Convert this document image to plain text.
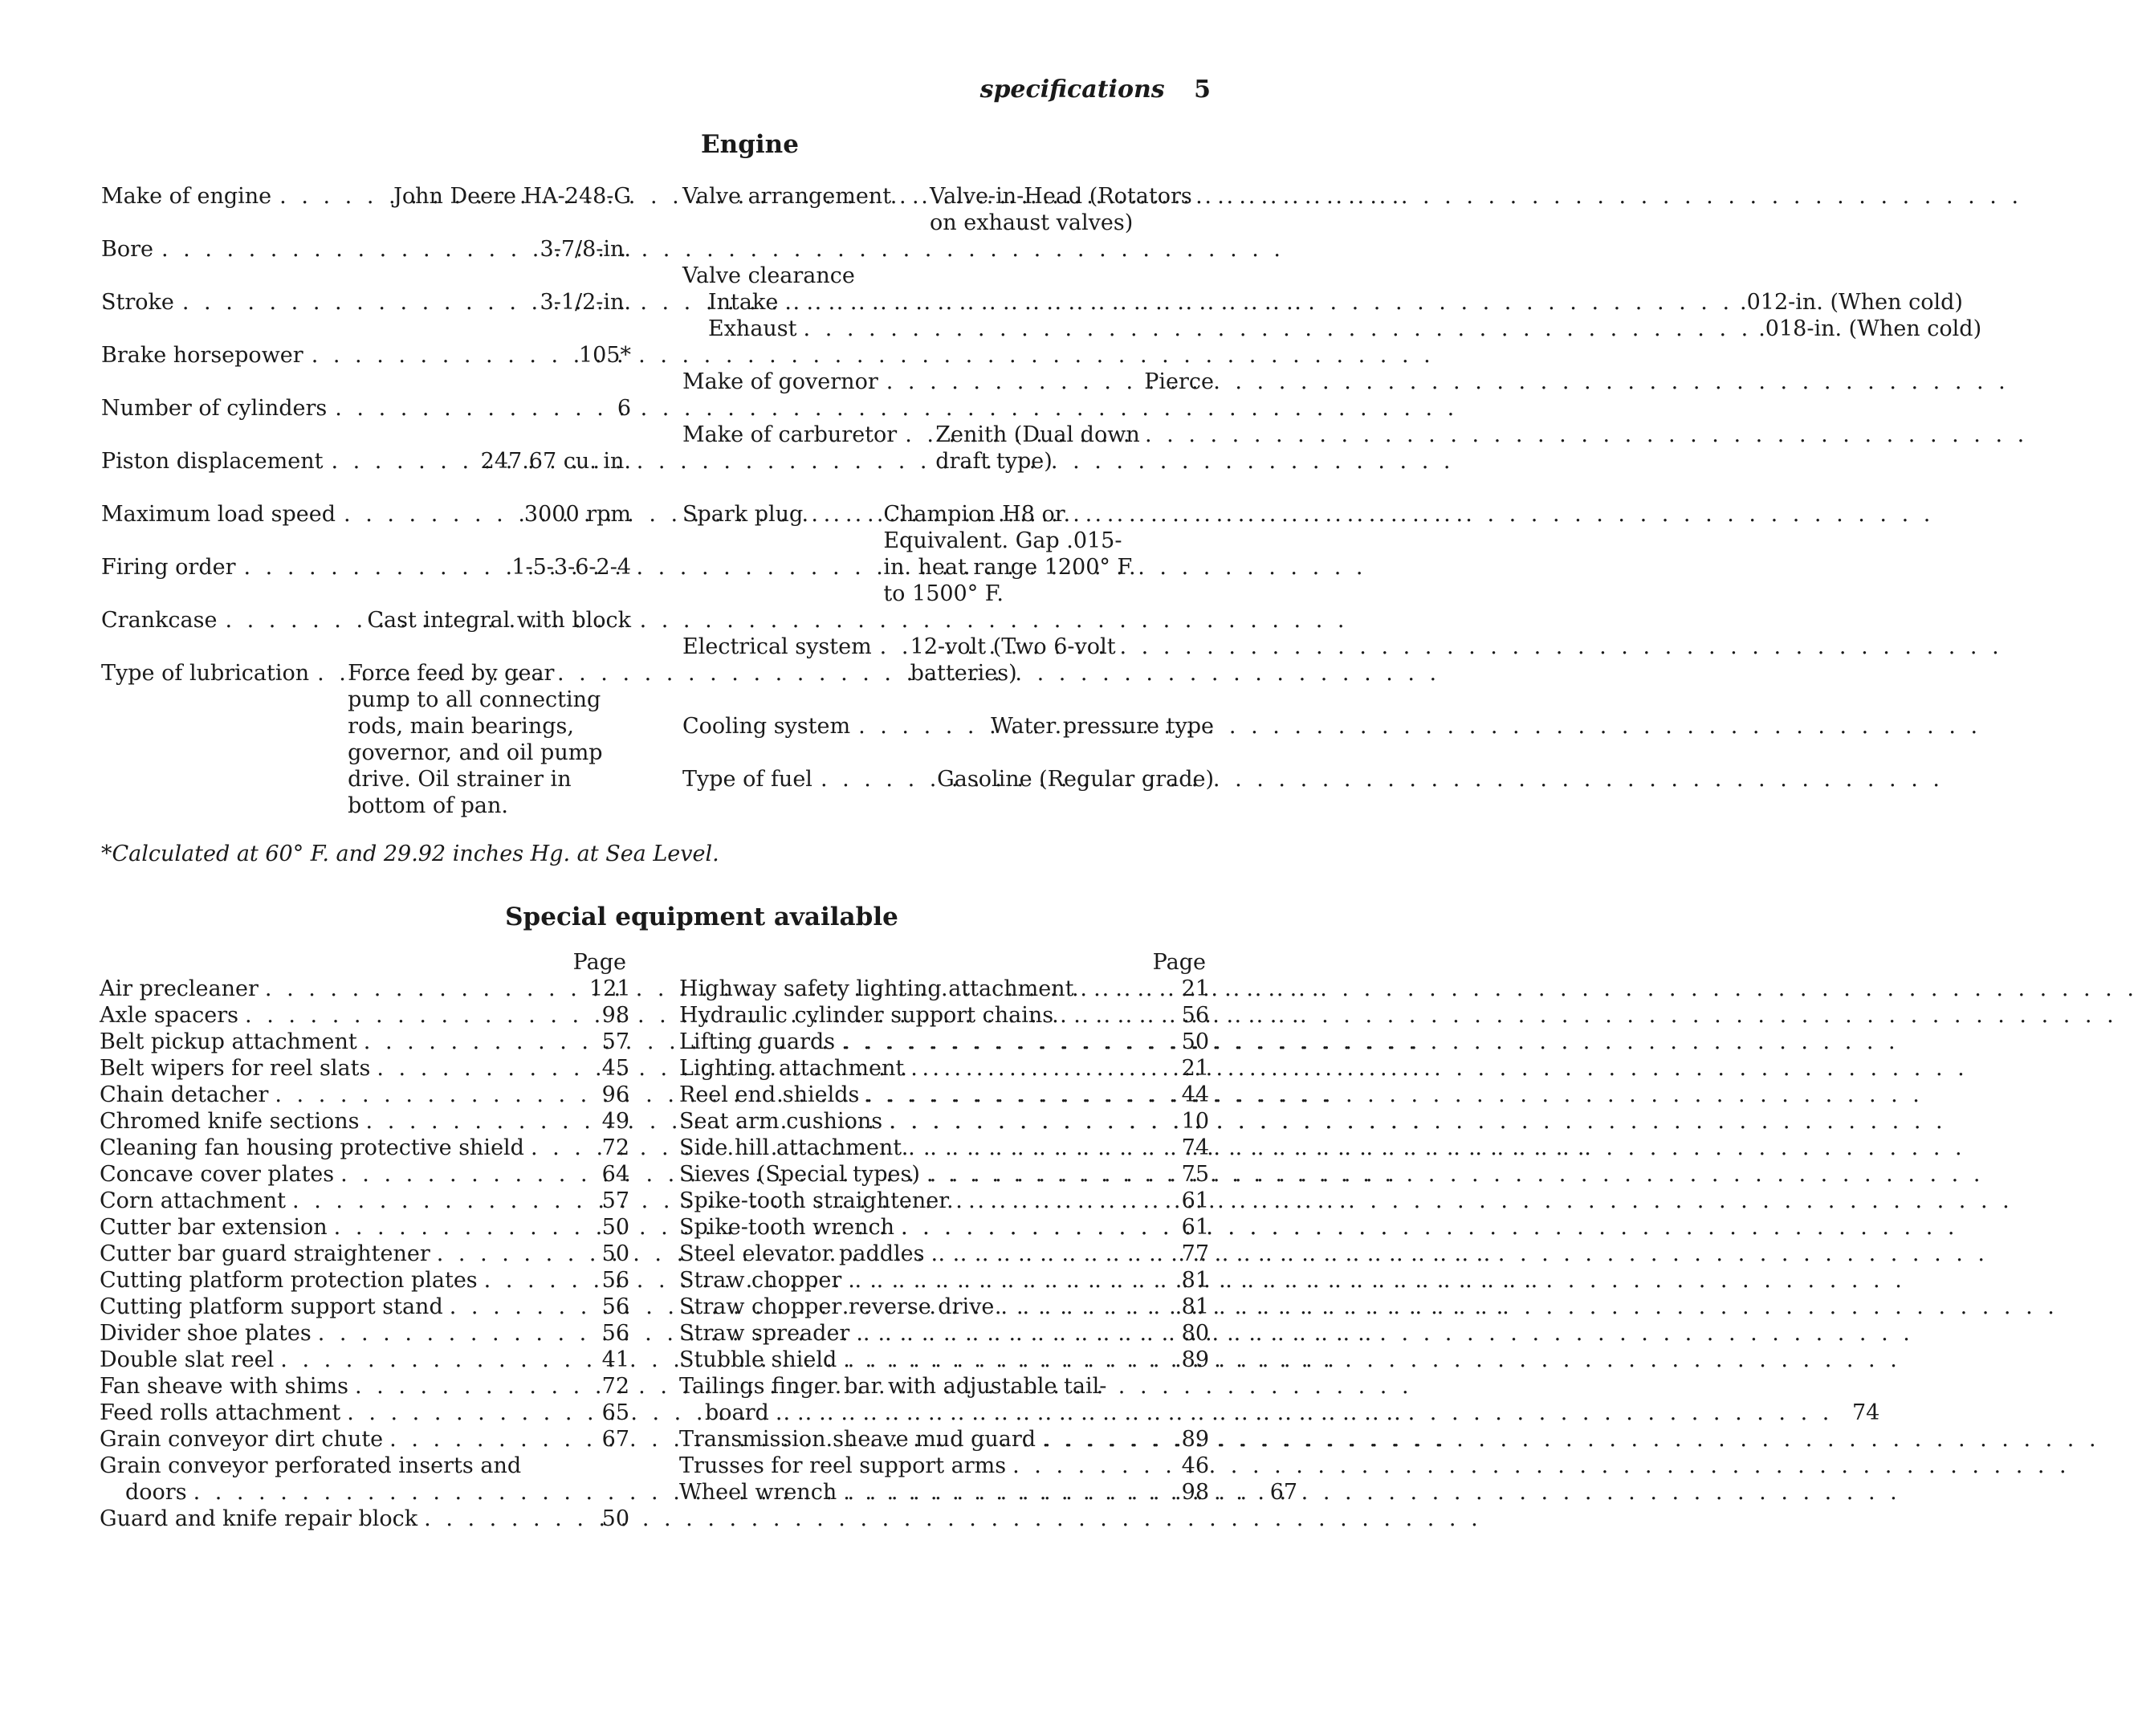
specifications 5
Engine
Make of engine . . .	John Deere HA-248-G
Bore . . .	3-7/8-in.
Stroke . . .	3-1/2-in.
Brake horsepower . . .	105*
Number of cylinders . . .	6
Piston displacement . . .	247.67 cu. in.
Maximum load speed . . .	3000 rpm
Firing order . . .	1-5-3-6-2-4
Crankcase . . .	Cast integral with block
Type of lubrication . . . Force feed by gear pump to all connecting rods, main bearings, governor, and oil pump drive. Oil strainer in bottom of pan.
Valve arrangement . . . Valve-in-Head (Rotators on exhaust valves)
Valve clearance
Intake . . .	.012-in. (When cold)
Exhaust . . .	.018-in. (When cold)
Make of governor . . .	Pierce
Make of carburetor . . . Zenith (Dual down draft type)
Spark plug . . .	Champion H8 or Equivalent. Gap .015-in. heat range 1200° F. to 1500° F.
Electrical system . . . 12-volt (Two 6-volt batteries)
Cooling system . . .	Water pressure type
Type of fuel . . .	Gasoline (Regular grade)
*Calculated at 60° F. and 29.92 inches Hg. at Sea Level.
Special equipment available
Page
Air precleaner . . .	121
Axle spacers . . .	98
Belt pickup attachment . . .	57
Belt wipers for reel slats . . .	45
Chain detacher . . .	96
Chromed knife sections . . .	49
Cleaning fan housing protective shield . . .	72
Concave cover plates . . .	64
Corn attachment . . .	57
Cutter bar extension . . .	50
Cutter bar guard straightener . . .	50
Cutting platform protection plates . . .	56
Cutting platform support stand . . .	56
Divider shoe plates . . .	56
Double slat reel . . .	41
Fan sheave with shims . . .	72
Feed rolls attachment . . .	65
Grain conveyor dirt chute . . .	67
Grain conveyor perforated inserts and
doors . . .	67
Guard and knife repair block . . .	50
Page
Highway safety lighting attachment . . .	21
Hydraulic cylinder support chains . . .	56
Lifting guards . . .	50
Lighting attachment . . .	21
Reel end shields . . .	44
Seat arm cushions . . .	10
Side hill attachment . . .	74
Sieves (Special types) . . .	75
Spike-tooth straightener . . .	61
Spike-tooth wrench . . .	61
Steel elevator paddles . . .	77
Straw chopper . . .	81
Straw chopper reverse drive . . .	81
Straw spreader . . .	80
Stubble shield . . .	89
Tailings finger bar with adjustable tail-
board . . .	74
Transmission sheave mud guard . . .	89
Trusses for reel support arms . . .	46
Wheel wrench . . .	98
